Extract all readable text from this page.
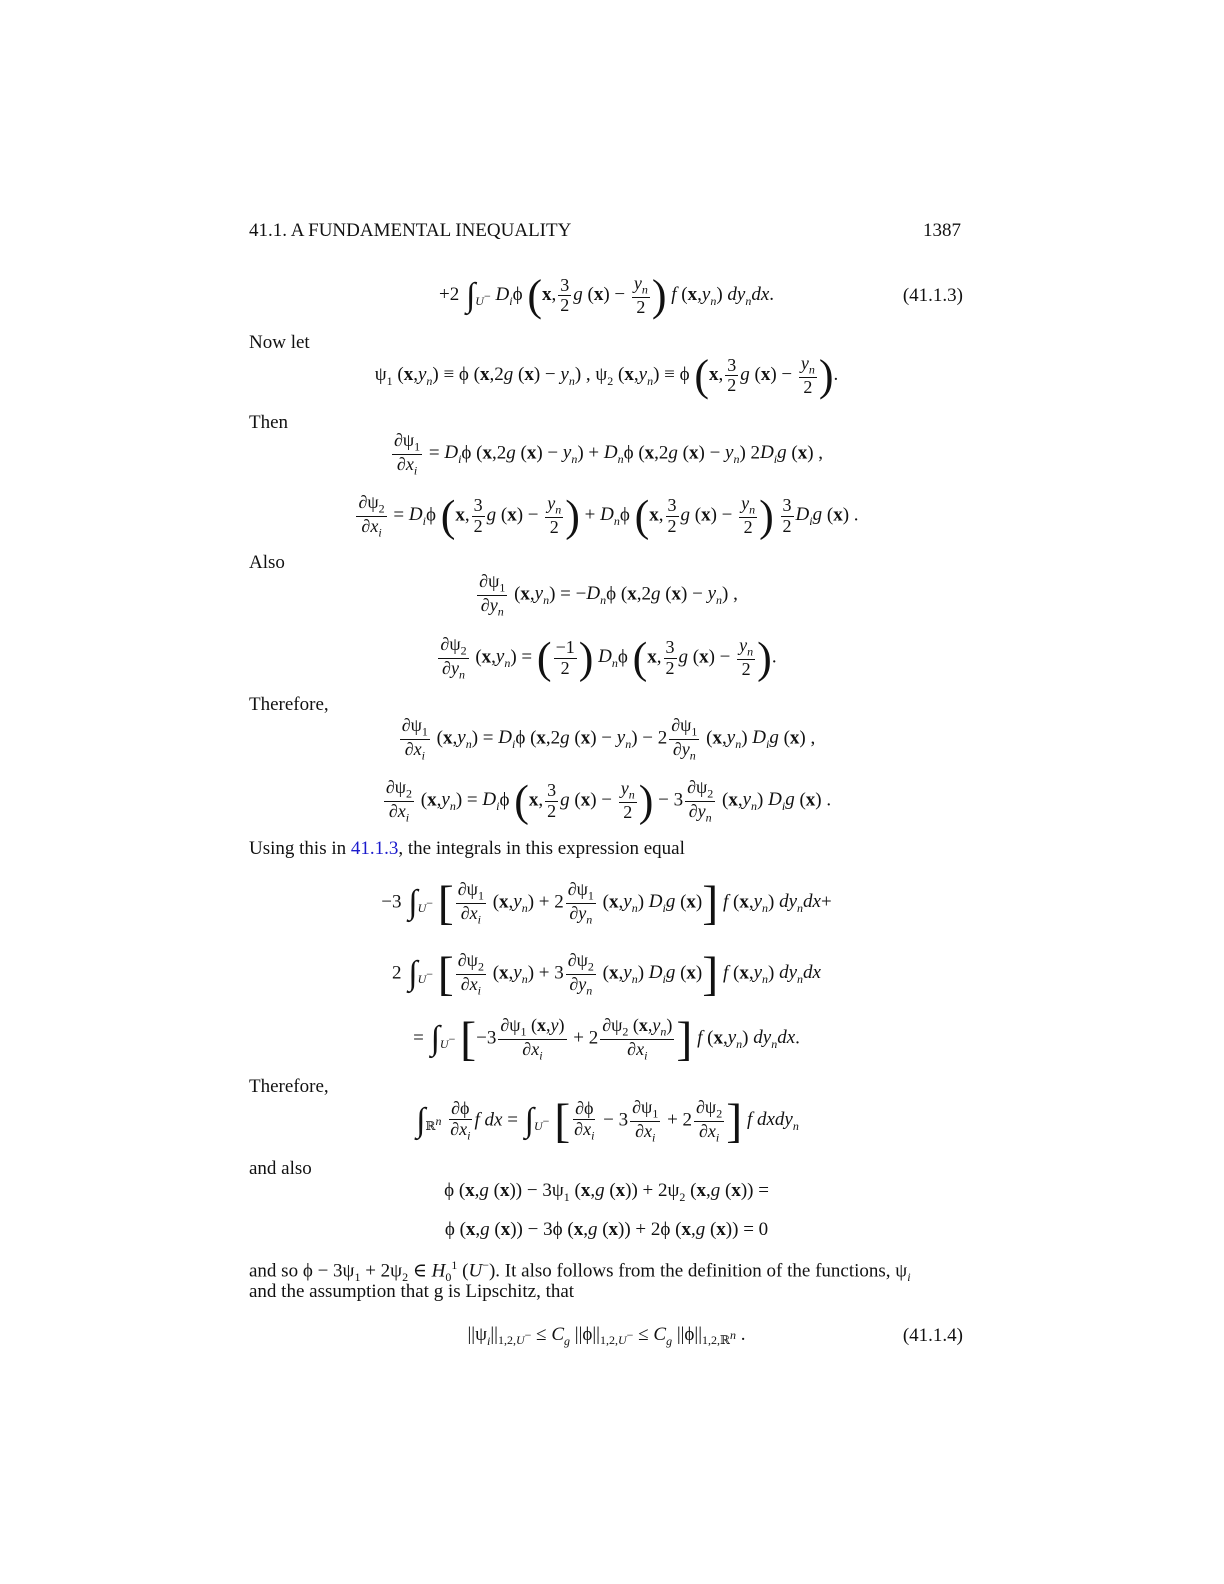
41.1. A FUNDAMENTAL INEQUALITY	1387
+2 $\int_{U^-}$ $D_i\phi$ (x, $\frac{3}{2}$ g $(x) - \frac{y_n}{2}$ ) f $(x,y_n)$ $dy_ndx$.	(41.1.3)
Now let
$\psi_1$ $(x,y_n) \equiv \phi$ (x,2g $(x) - y_n$) , $\psi_2$ $(x,y_n) \equiv \phi$ (x, $\frac{3}{2}$ g $(x) - \frac{y_n}{2}$ ).
Then
$\frac{\partial\psi_1}{\partial x_i} = D_i\phi$ (x,2g $(x) - y_n) + D_n\phi$ (x,2g $(x) - y_n$) $2D_ig$ (x) ,
$\frac{\partial\psi_2}{\partial x_i} = D_i\phi$ (x, $\frac{3}{2}$ g $(x) - \frac{y_n}{2}$ ) + $D_n\phi$ (x, $\frac{3}{2}$ g $(x) - \frac{y_n}{2}$ ) $\frac{3}{2} D_ig$ (x) .
Also
$\frac{\partial\psi_1}{\partial y_n} (x,y_n) = -D_n\phi$ (x,2g $(x) - y_n$) ,
$\frac{\partial\psi_2}{\partial y_n} (x,y_n)$ = ( $\frac{-1}{2}$ ) $D_n\phi$ (x, $\frac{3}{2}$ g $(x) - \frac{y_n}{2}$ ).
Therefore,
$\frac{\partial\psi_1}{\partial x_i} (x,y_n) = D_i\phi$ (x,2g $(x) - y_n) - 2 \frac{\partial\psi_1}{\partial y_n} (x,y_n)$ $D_ig$ (x) ,
$\frac{\partial\psi_2}{\partial x_i} (x,y_n) = D_i\phi$ (x, $\frac{3}{2}$ g $(x) - \frac{y_n}{2}$ ) − $3 \frac{\partial\psi_2}{\partial y_n} (x,y_n)$ $D_ig$ (x) .
Using this in 41.1.3, the integrals in this expression equal
−3 $\int_{U^-}$ [ $\frac{\partial\psi_1}{\partial x_i} (x,y_n) + 2 \frac{\partial\psi_1}{\partial y_n} (x,y_n)$ $D_ig$ (x)] f $(x,y_n)$ $dy_ndx+$
2 $\int_{U^-}$ [ $\frac{\partial\psi_2}{\partial x_i} (x,y_n) + 3 \frac{\partial\psi_2}{\partial y_n} (x,y_n)$ $D_ig$ (x)] f $(x,y_n)$ $dy_ndx$
= $\int_{U^-}$ [$-3 \frac{\partial\psi_1 (x,y)}{\partial x_i} + 2 \frac{\partial\psi_2 (x,y_n)}{\partial x_i}$ ] f $(x,y_n)$ $dy_ndx$.
Therefore,
$\int_{ℝ^n} \frac{\partial\phi}{\partial x_i}$ f dx = $\int_{U^-}$ [ $\frac{\partial\phi}{\partial x_i} - 3 \frac{\partial\psi_1}{\partial x_i} + 2 \frac{\partial\psi_2}{\partial x_i}$ ] f dxdy$_n$
and also
ϕ (x,g $(x)) - 3\psi_1$ (x,g $(x)) + 2\psi_2$ (x,g (x)) =
ϕ (x,g (x)) − 3ϕ (x,g (x)) + 2ϕ (x,g (x)) = 0
and so $\phi - 3\psi_1 + 2\psi_2$ ∈ $H_0^1$ (U−). It also follows from the definition of the functions, $\psi_i$
and the assumption that g is Lipschitz, that
$||\psi_i||_{1,2,U^-} \le C_g$ $||\phi||_{1,2,U^-} \le C_g$ $||\phi||_{1,2,ℝ^n}$ .	(41.1.4)
